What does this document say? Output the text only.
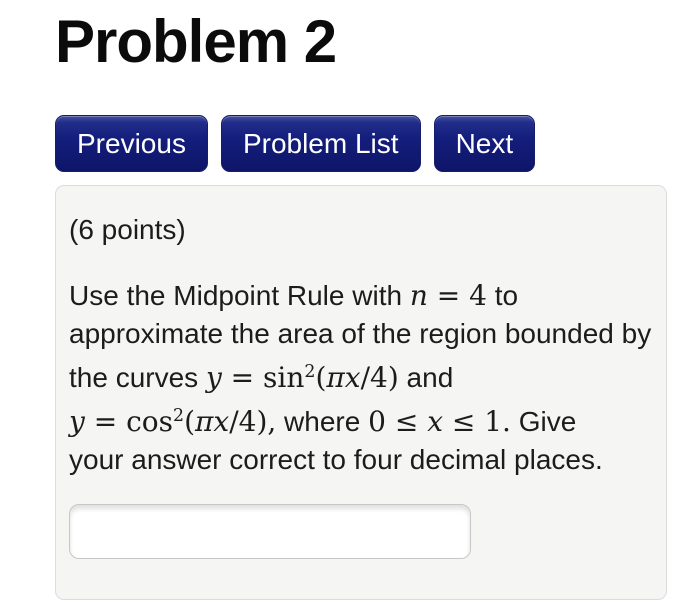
Problem 2
Previous	Problem List	Next

(6 points)

Use the Midpoint Rule with n = 4 to
approximate the area of the region bounded by
the curves $y = \sin^2(\pi x/4)$ and
$y = \cos^2(\pi x/4)$, where 0 ≤ x ≤ 1. Give
your answer correct to four decimal places.
